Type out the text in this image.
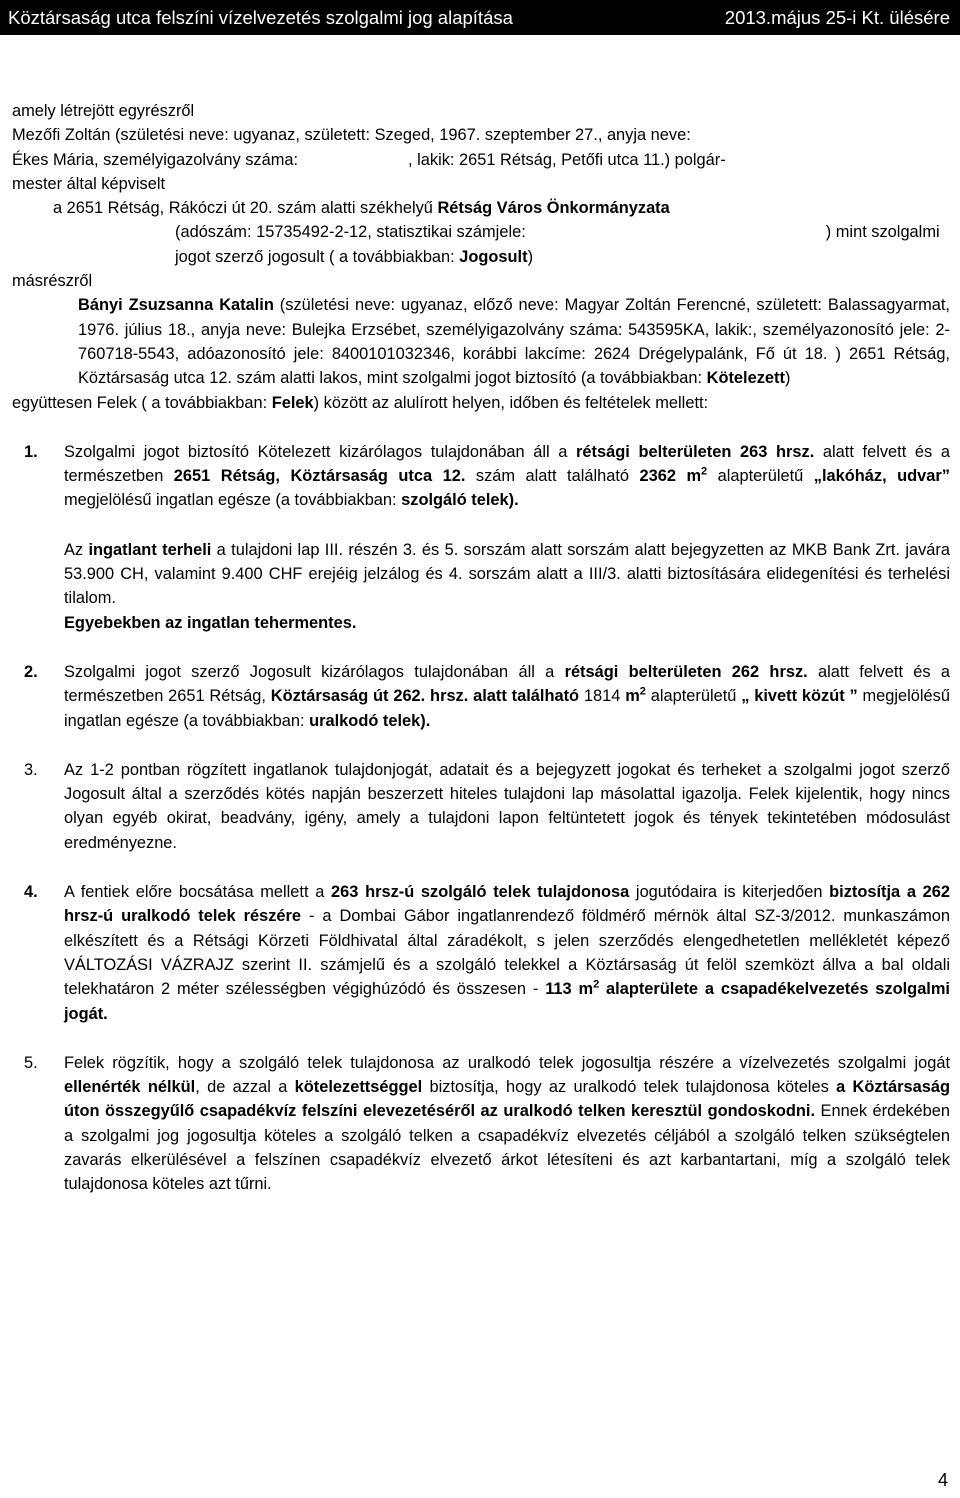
Köztársaság utca felszíni vízelvezetés szolgalmi jog alapítása	2013.május 25-i Kt. ülésére

amely létrejött egyrészről

Mezőfi Zoltán (születési neve: ugyanaz, született: Szeged, 1967. szeptember 27., anyja neve:

Ékes Mária, személyigazolvány száma:	, lakik: 2651 Rétság, Petőfi utca 11.) polgár-

mester által képviselt

a 2651 Rétság, Rákóczi út 20. szám alatti székhelyű Rétság Város Önkormányzata

(adószám: 15735492-2-12, statisztikai számjele:	) mint szolgalmi

jogot szerző jogosult ( a továbbiakban: Jogosult)

másrészről

Bányi Zsuzsanna Katalin (születési neve: ugyanaz, előző neve: Magyar Zoltán Ferencné, született: Balassagyarmat, 1976. július 18., anyja neve: Bulejka Erzsébet, személyigazolvány száma: 543595KA, lakik:, személyazonosító jele: 2-760718-5543, adóazonosító jele: 8400101032346, korábbi lakcíme: 2624 Drégelypalánk, Fő út 18. ) 2651 Rétság, Köztársaság utca 12. szám alatti lakos, mint szolgalmi jogot biztosító (a továbbiakban: Kötelezett)

együttesen Felek ( a továbbiakban: Felek) között az alulírott helyen, időben és feltételek mellett:

1. Szolgalmi jogot biztosító Kötelezett kizárólagos tulajdonában áll a rétsági belterületen 263 hrsz. alatt felvett és a természetben 2651 Rétság, Köztársaság utca 12. szám alatt található 2362 $m^2$ alapterületű „lakóház, udvar” megjelölésű ingatlan egésze (a továbbiakban: szolgáló telek).

Az ingatlant terheli a tulajdoni lap III. részén 3. és 5. sorszám alatt sorszám alatt bejegyzetten az MKB Bank Zrt. javára 53.900 CH, valamint 9.400 CHF erejéig jelzálog és 4. sorszám alatt a III/3. alatti biztosítására elidegenítési és terhelési tilalom.

Egyebekben az ingatlan tehermentes.

2. Szolgalmi jogot szerző Jogosult kizárólagos tulajdonában áll a rétsági belterületen 262 hrsz. alatt felvett és a természetben 2651 Rétság, Köztársaság út 262. hrsz. alatt található 1814 $m^2$ alapterületű „ kivett közút ” megjelölésű ingatlan egésze (a továbbiakban: uralkodó telek).

3. Az 1-2 pontban rögzített ingatlanok tulajdonjogát, adatait és a bejegyzett jogokat és terheket a szolgalmi jogot szerző Jogosult által a szerződés kötés napján beszerzett hiteles tulajdoni lap másolattal igazolja. Felek kijelentik, hogy nincs olyan egyéb okirat, beadvány, igény, amely a tulajdoni lapon feltüntetett jogok és tények tekintetében módosulást eredményezne.

4. A fentiek előre bocsátása mellett a 263 hrsz-ú szolgáló telek tulajdonosa jogutódaira is kiterjedően biztosítja a 262 hrsz-ú uralkodó telek részére - a Dombai Gábor ingatlanrendező földmérő mérnök által SZ-3/2012. munkaszámon elkészített és a Rétsági Körzeti Földhivatal által záradékolt, s jelen szerződés elengedhetetlen mellékletét képező VÁLTOZÁSI VÁZRAJZ szerint II. számjelű és a szolgáló telekkel a Köztársaság út felöl szemközt állva a bal oldali telekhatáron 2 méter szélességben végighúzódó és összesen - 113 $m^2$ alapterülete a csapadékelvezetés szolgalmi jogát.

5. Felek rögzítik, hogy a szolgáló telek tulajdonosa az uralkodó telek jogosultja részére a vízelvezetés szolgalmi jogát ellenérték nélkül, de azzal a kötelezettséggel biztosítja, hogy az uralkodó telek tulajdonosa köteles a Köztársaság úton összegyűlő csapadékvíz felszíni elevezetéséről az uralkodó telken keresztül gondoskodni. Ennek érdekében a szolgalmi jog jogosultja köteles a szolgáló telken a csapadékvíz elvezetés céljából a szolgáló telken szükségtelen zavarás elkerülésével a felszínen csapadékvíz elvezető árkot létesíteni és azt karbantartani, míg a szolgáló telek tulajdonosa köteles azt tűrni.

4
